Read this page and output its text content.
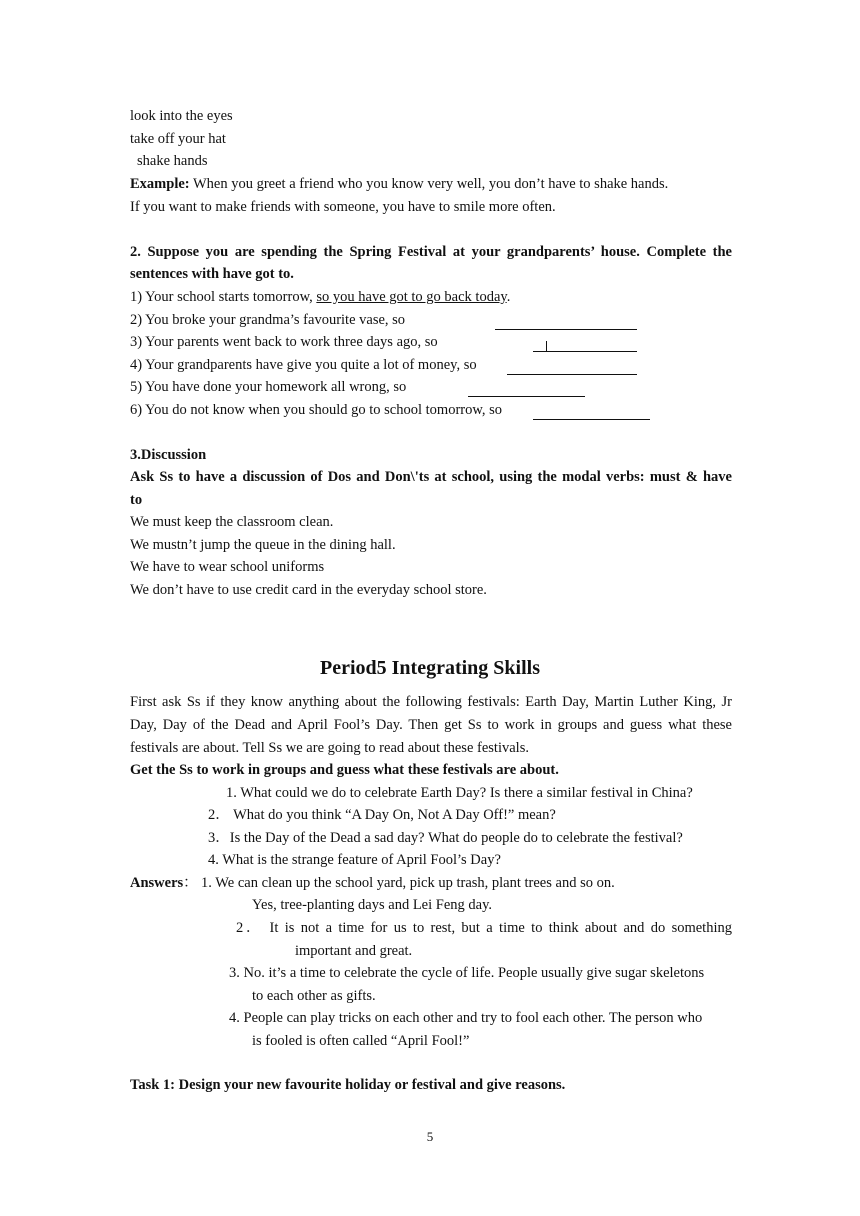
look into the eyes
take off your hat
shake hands
Example: When you greet a friend who you know very well, you don’t have to shake hands.
If you want to make friends with someone, you have to smile more often.
2. Suppose you are spending the Spring Festival at your grandparents’ house. Complete the
sentences with have got to.
1) Your school starts tomorrow, so you have got to go back today.
2) You broke your grandma’s favourite vase, so
3) Your parents went back to work three days ago, so
4) Your grandparents have give you quite a lot of money, so
5) You have done your homework all wrong, so
6) You do not know when you should go to school tomorrow, so
3.Discussion
Ask Ss to have a discussion of Dos and Don\'ts at school, using the modal verbs: must & have
to
We must keep the classroom clean.
We mustn’t jump the queue in the dining hall.
We have to wear school uniforms
We don’t have to use credit card in the everyday school store.
Period5 Integrating Skills
First ask Ss if they know anything about the following festivals: Earth Day, Martin Luther King, Jr
Day, Day of the Dead and April Fool’s Day. Then get Ss to work in groups and guess what these
festivals are about. Tell Ss we are going to read about these festivals.
Get the Ss to work in groups and guess what these festivals are about.
1. What could we do to celebrate Earth Day? Is there a similar festival in China?
2． What do you think “A Day On, Not A Day Off!” mean?
3．Is the Day of the Dead a sad day? What do people do to celebrate the festival?
4. What is the strange feature of April Fool’s Day?
Answers： 1. We can clean up the school yard, pick up trash, plant trees and so on.
Yes, tree-planting days and Lei Feng day.
2． It is not a time for us to rest, but a time to think about and do something
important and great.
3. No. it’s a time to celebrate the cycle of life. People usually give sugar skeletons
to each other as gifts.
4. People can play tricks on each other and try to fool each other. The person who
is fooled is often called “April Fool!”
Task 1: Design your new favourite holiday or festival and give reasons.
5
